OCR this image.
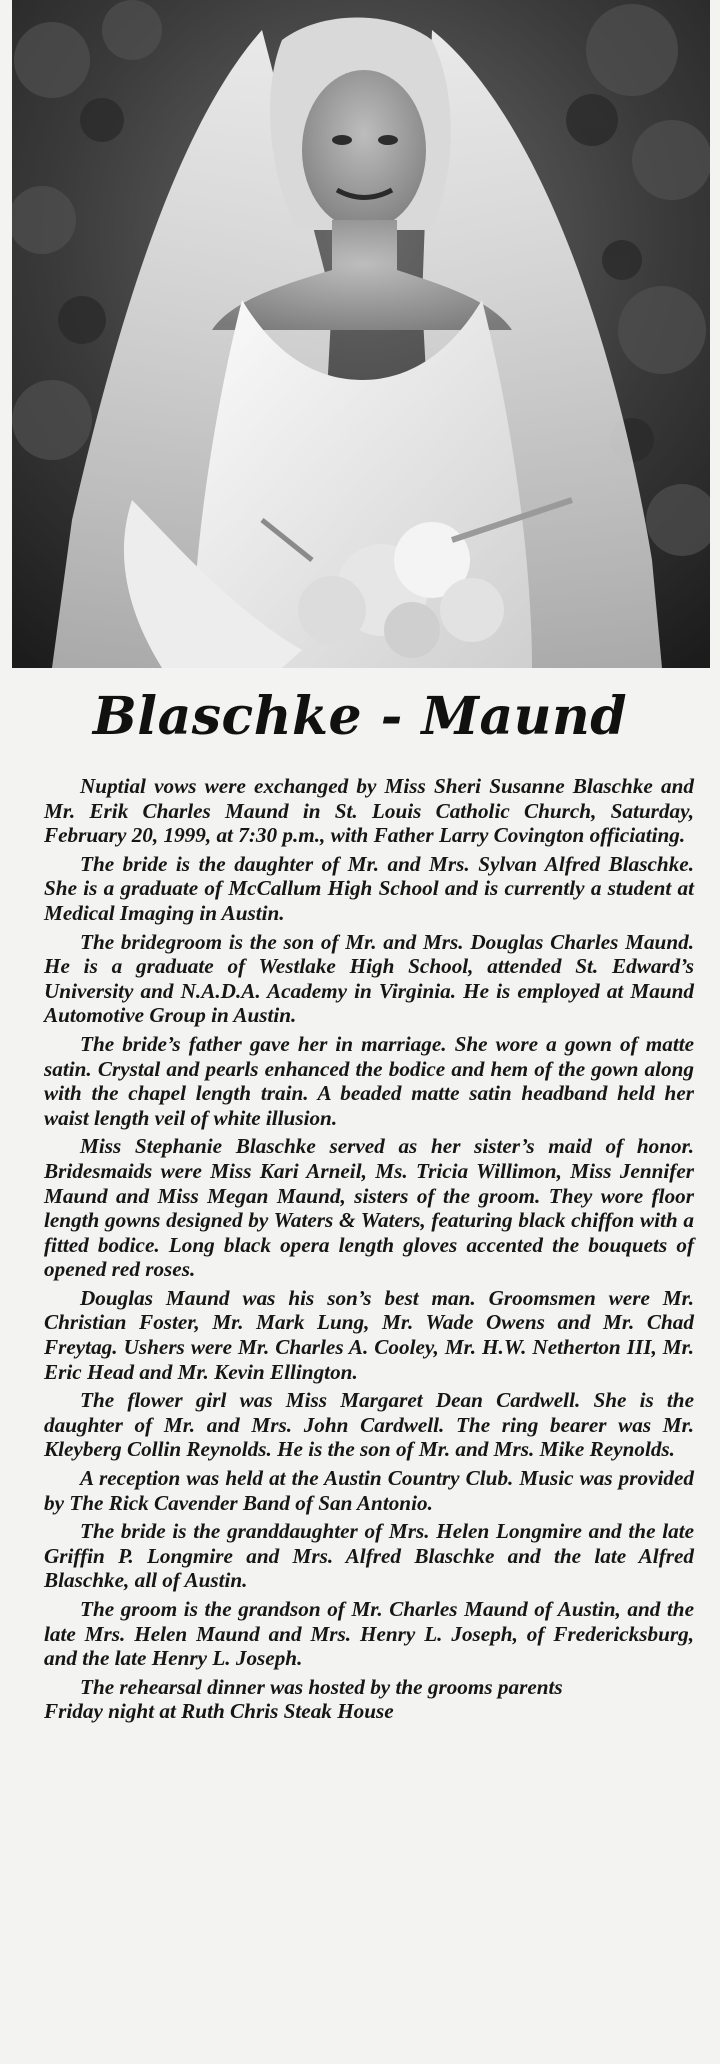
Blaschke - Maund

Nuptial vows were exchanged by Miss Sheri Susanne Blaschke and Mr. Erik Charles Maund in St. Louis Catholic Church, Saturday, February 20, 1999, at 7:30 p.m., with Father Larry Covington officiating.

The bride is the daughter of Mr. and Mrs. Sylvan Alfred Blaschke. She is a graduate of McCallum High School and is currently a student at Medical Imaging in Austin.

The bridegroom is the son of Mr. and Mrs. Douglas Charles Maund. He is a graduate of Westlake High School, attended St. Edward’s University and N.A.D.A. Academy in Virginia. He is employed at Maund Automotive Group in Austin.

The bride’s father gave her in marriage. She wore a gown of matte satin. Crystal and pearls enhanced the bodice and hem of the gown along with the chapel length train. A beaded matte satin headband held her waist length veil of white illusion.

Miss Stephanie Blaschke served as her sister’s maid of honor. Bridesmaids were Miss Kari Arneil, Ms. Tricia Willimon, Miss Jennifer Maund and Miss Megan Maund, sisters of the groom. They wore floor length gowns designed by Waters & Waters, featuring black chiffon with a fitted bodice. Long black opera length gloves accented the bouquets of opened red roses.

Douglas Maund was his son’s best man. Groomsmen were Mr. Christian Foster, Mr. Mark Lung, Mr. Wade Owens and Mr. Chad Freytag. Ushers were Mr. Charles A. Cooley, Mr. H.W. Netherton III, Mr. Eric Head and Mr. Kevin Ellington.

The flower girl was Miss Margaret Dean Cardwell. She is the daughter of Mr. and Mrs. John Cardwell. The ring bearer was Mr. Kleyberg Collin Reynolds. He is the son of Mr. and Mrs. Mike Reynolds.

A reception was held at the Austin Country Club. Music was provided by The Rick Cavender Band of San Antonio.

The bride is the granddaughter of Mrs. Helen Longmire and the late Griffin P. Longmire and Mrs. Alfred Blaschke and the late Alfred Blaschke, all of Austin.

The groom is the grandson of Mr. Charles Maund of Austin, and the late Mrs. Helen Maund and Mrs. Henry L. Joseph, of Fredericksburg, and the late Henry L. Joseph.

The rehearsal dinner was hosted by the grooms parents

Friday night at Ruth Chris Steak House
